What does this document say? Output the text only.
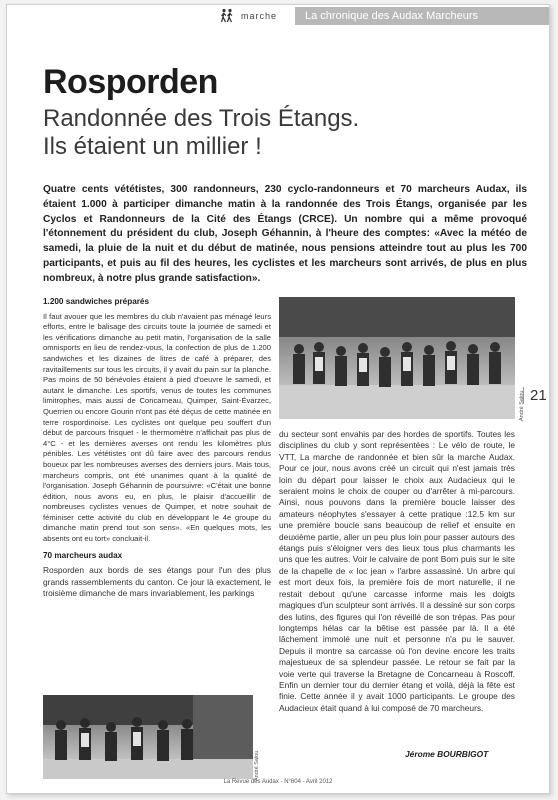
marche	La chronique des Audax Marcheurs
Rosporden
Randonnée des Trois Étangs.
Ils étaient un millier !
Quatre cents vététistes, 300 randonneurs, 230 cyclo-randonneurs et 70 marcheurs Audax, ils étaient 1.000 à participer dimanche matin à la randonnée des Trois Étangs, organisée par les Cyclos et Randonneurs de la Cité des Étangs (CRCE). Un nombre qui a même provoqué l'étonnement du président du club, Joseph Géhannin, à l'heure des comptes: «Avec la météo de samedi, la pluie de la nuit et du début de matinée, nous pensions atteindre tout au plus les 700 participants, et puis au fil des heures, les cyclistes et les marcheurs sont arrivés, de plus en plus nombreux, à notre plus grande satisfaction».
1.200 sandwiches préparés
Il faut avouer que les membres du club n'avaient pas ménagé leurs efforts, entre le balisage des circuits toute la journée de samedi et les vérifications dimanche au petit matin, l'organisation de la salle omnisports en lieu de rendez-vous, la confection de plus de 1.200 sandwiches et les dizaines de litres de café à préparer, des ravitaillements sur tous les circuits, il y avait du pain sur la planche. Pas moins de 50 bénévoles étaient à pied d'oeuvre le samedi, et autant le dimanche. Les sportifs, venus de toutes les communes limitrophes, mais aussi de Concarneau, Quimper, Saint-Évarzec, Querrien ou encore Gourin n'ont pas été déçus de cette matinée en terre rospordinoise. Les cyclistes ont quelque peu souffert d'un début de parcours frisquet - le thermomètre n'affichait pas plus de 4°C - et les dernières averses ont rendu les kilomètres plus pénibles. Les vététistes ont dû faire avec des parcours rendus boueux par les nombreuses averses des derniers jours. Mais tous, marcheurs compris, ont été unanimes quant à la qualité de l'organisation. Joseph Géhannin de poursuivre: «C'était une bonne édition, nous avons eu, en plus, le plaisir d'accueillir de nombreuses cyclistes venues de Quimper, et notre souhait de féminiser cette activité du club en développant le 4e groupe du dimanche matin prend tout son sens». «En quelques mots, les absents ont eu tort» concluait-il.
70 marcheurs audax
Rosporden aux bords de ses étangs pour l'un des plus grands rassemblements du canton. Ce jour là exactement, le troisième dimanche de mars invariablement, les parkings
André Salou 21
du secteur sont envahis par des hordes de sportifs. Toutes les disciplines du club y sont représentées : Le vélo de route, le VTT, La marche de randonnée et bien sûr la marche Audax. Pour ce jour, nous avons créé un circuit qui n'est jamais très loin du départ pour laisser le choix aux Audacieux qui le seraient moins le choix de couper ou d'arrêter à mi-parcours. Ainsi, nous pouvons dans la première boucle laisser des amateurs néophytes s'essayer à cette pratique :12.5 km sur une première boucle sans beaucoup de relief et ensuite en deuxième partie, aller un peu plus loin pour passer autours des étangs puis s'éloigner vers des lieux tous plus charmants les uns que les autres. Voir le calvaire de pont Born puis sur le site de la chapelle de « loc jean » l'arbre assassiné. Un arbre qui est mort deux fois, la première fois de mort naturelle, il ne restait debout qu'une carcasse informe mais les doigts magiques d'un sculpteur sont arrivés. Il a dessiné sur son corps des lutins, des figures qui l'on réveillé de son trépas. Pas pour longtemps hélas car la bêtise est passée par là. Il a été lâchement immolé une nuit et personne n'a pu le sauver. Depuis il montre sa carcasse où l'on devine encore les traits majestueux de sa splendeur passée. Le retour se fait par la voie verte qui traverse la Bretagne de Concarneau à Roscoff. Enfin un dernier tour du dernier étang et voilà, déjà la fête est finie. Cette année il y avait 1000 participants. Le groupe des Audacieux était quand à lui composé de 70 marcheurs.
André Salou	Jérome BOURBIGOT
La Revue des Audax - N°604 - Avril 2012
